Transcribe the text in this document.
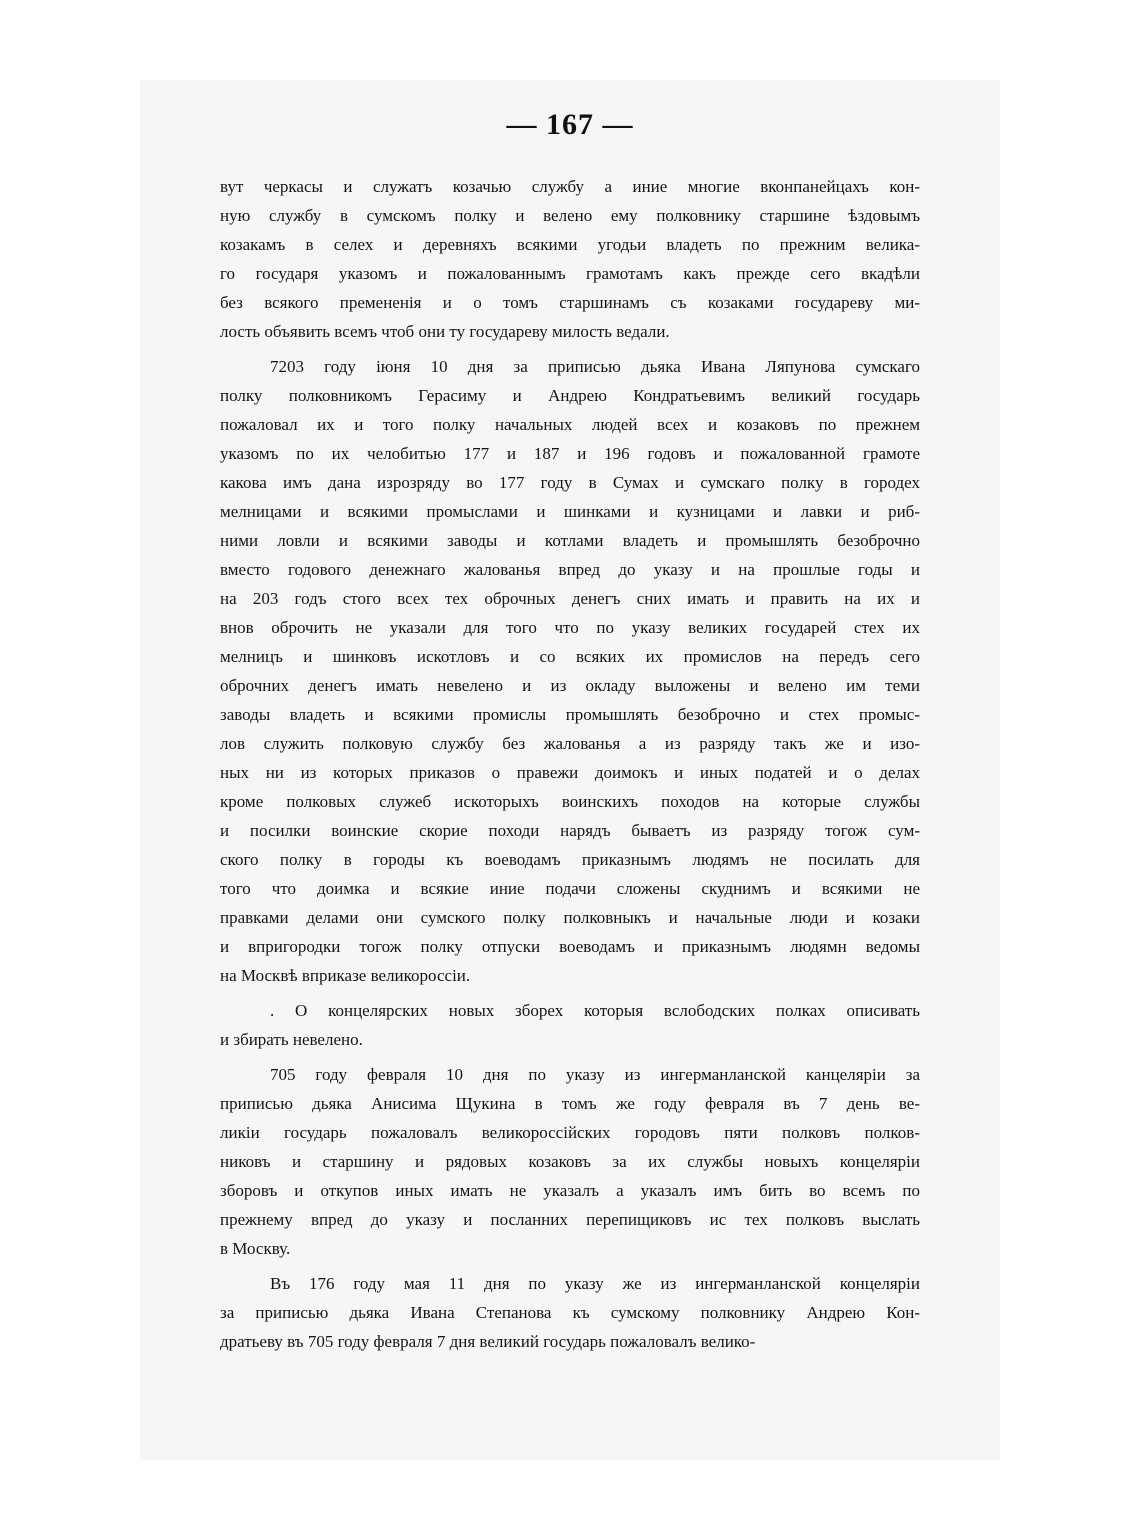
— 167 —
вут черкасы и служатъ козачью службу а иние многие вконпанейцахъ кон-
ную службу в сумскомъ полку и велено ему полковнику старшине ѣздовымъ
козакамъ в селех и деревняхъ всякими угодьи владеть по прежним велика-
го государя указомъ и пожалованнымъ грамотамъ какъ прежде сего вкадѣли
без всякого премененія и о томъ старшинамъ съ козаками государеву ми-
лость объявить всемъ чтоб они ту государеву милость ведали.
7203 году іюня 10 дня за приписью дьяка Ивана Ляпунова сумскаго
полку полковникомъ Герасиму и Андрею Кондратьевимъ великий государь
пожаловал их и того полку начальных людей всех и козаковъ по прежнем
указомъ по их челобитью 177 и 187 и 196 годовъ и пожалованной грамоте
какова имъ дана изрозряду во 177 году в Сумах и сумскаго полку в городех
мелницами и всякими промыслами и шинками и кузницами и лавки и риб-
ними ловли и всякими заводы и котлами владеть и промышлять безоброчно
вместо годового денежнаго жалованья впред до указу и на прошлые годы и
на 203 годъ стого всех тех оброчных денегъ сних имать и править на их и
внов оброчить не указали для того что по указу великих государей стех их
мелницъ и шинковъ искотловъ и со всяких их промислов на передъ сего
оброчних денегъ имать невелено и из окладу выложены и велено им теми
заводы владеть и всякими промислы промышлять безоброчно и стех промыс-
лов служить полковую службу без жалованья а из разряду такъ же и изо-
ных ни из которых приказов о правежи доимокъ и иных податей и о делах
кроме полковых служеб искоторыхъ воинскихъ походов на которые службы
и посилки воинские скорие походи нарядъ бываетъ из разряду тогож сум-
ского полку в городы къ воеводамъ приказнымъ людямъ не посилать для
того что доимка и всякие иние подачи сложены скуднимъ и всякими не
правками делами они сумского полку полковныкъ и начальные люди и козаки
и впригородки тогож полку отпуски воеводамъ и приказнымъ людямн ведомы
на Москвѣ вприказе великороссіи.
. О концелярских новых зборех которыя вслободских полках описивать
и збирать невелено.
705 году февраля 10 дня по указу из ингерманланской канцеляріи за
приписью дьяка Анисима Щукина в томъ же году февраля въ 7 день ве-
ликіи государь пожаловалъ великороссійских городовъ пяти полковъ полков-
никовъ и старшину и рядовых козаковъ за их службы новыхъ концеляріи
зборовъ и откупов иных имать не указалъ а указалъ имъ бить во всемъ по
прежнему впред до указу и посланних перепищиковъ ис тех полковъ выслать
в Москву.
Въ 176 году мая 11 дня по указу же из ингерманланской концеляріи
за приписью дьяка Ивана Степанова къ сумскому полковнику Андрею Кон-
дратьеву въ 705 году февраля 7 дня великий государь пожаловалъ велико-
